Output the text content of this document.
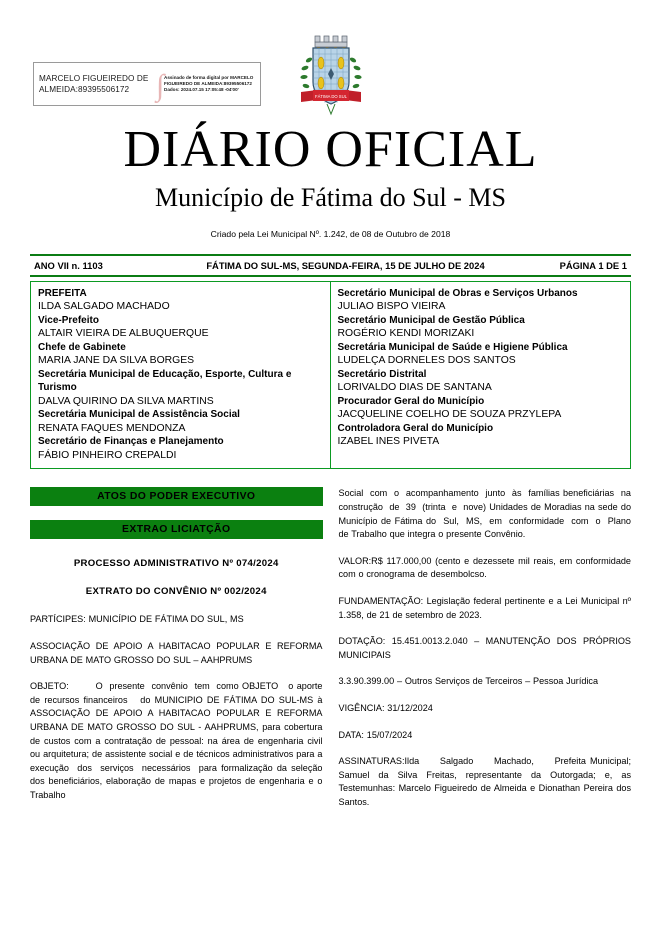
MARCELO FIGUEIREDO DE ALMEIDA:89395506172
Assinado de forma digital por MARCELO
FIGUEIREDO DE ALMEIDA:89395506172
Dados: 2024.07.15 17:05:48 -04'00'
∫	FÁTIMA DO SUL
DIÁRIO OFICIAL
Município de Fátima do Sul - MS
Criado pela Lei Municipal Nº. 1.242, de 08 de Outubro de 2018
ANO VII n. 1103	FÁTIMA DO SUL-MS, SEGUNDA-FEIRA, 15 DE JULHO DE 2024	PÁGINA 1 DE 1
PREFEITA
ILDA SALGADO MACHADO
Vice-Prefeito
ALTAIR VIEIRA DE ALBUQUERQUE
Chefe de Gabinete
MARIA JANE DA SILVA BORGES
Secretária Municipal de Educação, Esporte, Cultura e Turismo
DALVA QUIRINO DA SILVA MARTINS
Secretária Municipal de Assistência Social
RENATA FAQUES MENDONZA
Secretário de Finanças e Planejamento
FÁBIO PINHEIRO CREPALDI
Secretário Municipal de Obras e Serviços Urbanos
JULIAO BISPO VIEIRA
Secretário Municipal de Gestão Pública
ROGÉRIO KENDI MORIZAKI
Secretária Municipal de Saúde e Higiene Pública
LUDELÇA DORNELES DOS SANTOS
Secretário Distrital
LORIVALDO DIAS DE SANTANA
Procurador Geral do Município
JACQUELINE COELHO DE SOUZA PRZYLEPA
Controladora Geral do Município
IZABEL INES PIVETA
ATOS DO PODER EXECUTIVO
EXTRAO LICIATÇÃO
PROCESSO ADMINISTRATIVO Nº 074/2024
EXTRATO DO CONVÊNIO Nº 002/2024

PARTÍCIPES: MUNICÍPIO DE FÁTIMA DO SUL, MS

ASSOCIAÇÃO DE APOIO A HABITACAO POPULAR E REFORMA URBANA DE MATO GROSSO DO SUL – AAHPRUMS

OBJETO:        O  presente  convênio  tem  como OBJETO   o aporte de recursos financeiros   do MUNICIPIO DE FÁTIMA DO SUL-MS à ASSOCIAÇÃO DE APOIO A HABITACAO POPULAR E REFORMA URBANA DE MATO GROSSO DO SUL - AAHPRUMS, para cobertura de custos com a contratação de pessoal: na área de engenharia civil ou arquitetura; de assistente social e de técnicos administrativos para a  execução  dos  serviços  necessários  para formalização da seleção dos beneficiários, elaboração de mapas e projetos de engenharia e o Trabalho

Social  com  o  acompanhamento  junto  às  famílias beneficiárias  na  construção  de  39  (trinta  e  nove) Unidades de Moradias na sede do Município de Fátima do  Sul,  MS,  em  conformidade  com  o  Plano  de Trabalho que integra o presente Convênio.

VALOR:R$ 117.000,00 (cento e dezessete mil reais, em conformidade com o cronograma de desembolcso.

FUNDAMENTAÇÃO: Legislação federal pertinente e a Lei Municipal nº 1.358, de 21 de setembro de 2023.

DOTAÇÃO: 15.451.0013.2.040 – MANUTENÇÃO DOS PRÓPRIOS MUNICIPAIS

3.3.90.399.00 – Outros Serviços de Terceiros – Pessoa Jurídica

VIGÊNCIA: 31/12/2024

DATA: 15/07/2024

ASSINATURAS:Ilda     Salgado     Machado,     Prefeita Municipal; Samuel da Silva Freitas, representante da Outorgada; e, as Testemunhas: Marcelo Figueiredo de Almeida e Dionathan Pereira dos Santos.
